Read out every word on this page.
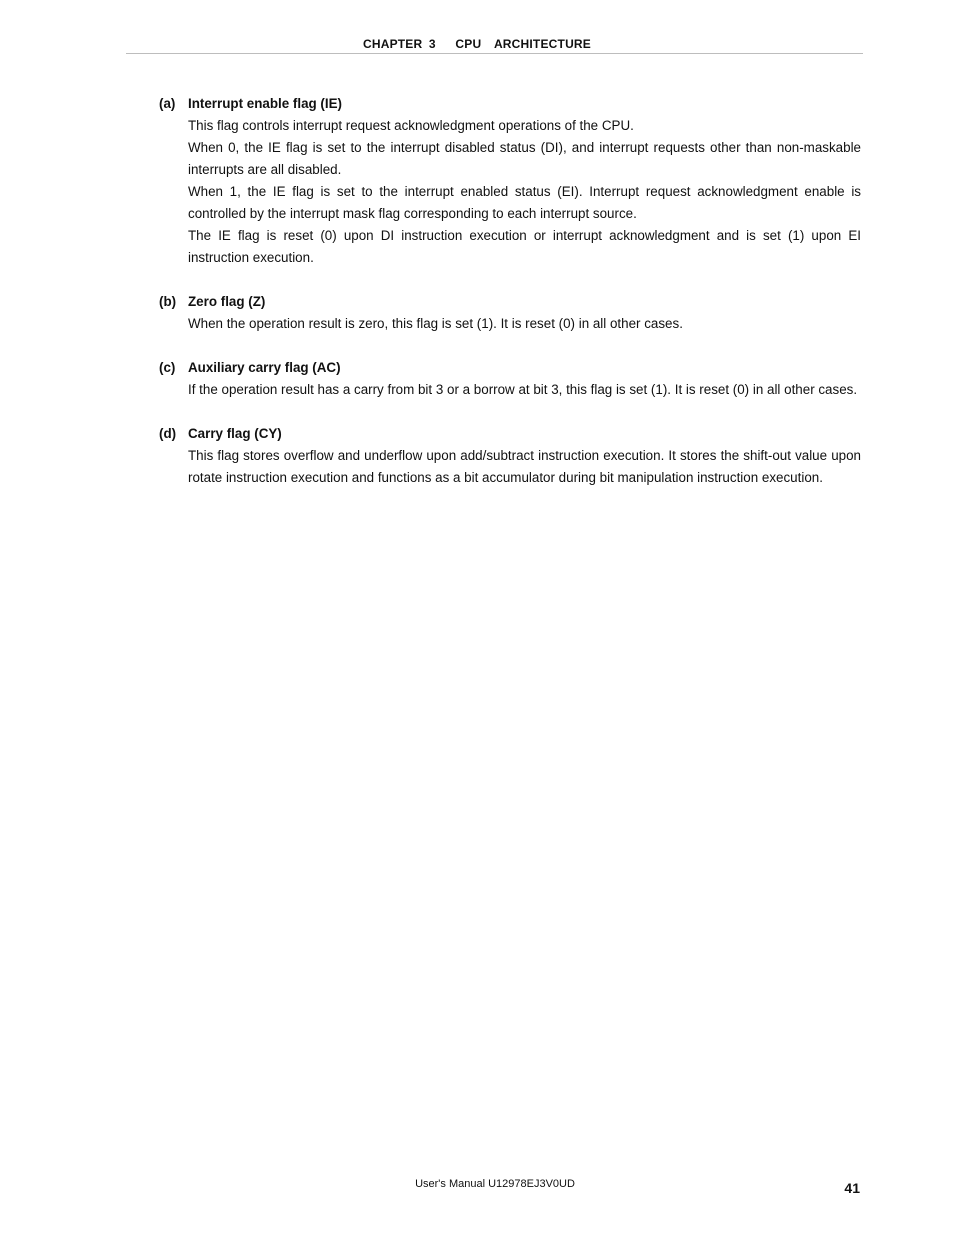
CHAPTER 3   CPU  ARCHITECTURE
(a) Interrupt enable flag (IE)
This flag controls interrupt request acknowledgment operations of the CPU.
When 0, the IE flag is set to the interrupt disabled status (DI), and interrupt requests other than non-maskable interrupts are all disabled.
When 1, the IE flag is set to the interrupt enabled status (EI). Interrupt request acknowledgment enable is controlled by the interrupt mask flag corresponding to each interrupt source.
The IE flag is reset (0) upon DI instruction execution or interrupt acknowledgment and is set (1) upon EI instruction execution.
(b) Zero flag (Z)
When the operation result is zero, this flag is set (1). It is reset (0) in all other cases.
(c) Auxiliary carry flag (AC)
If the operation result has a carry from bit 3 or a borrow at bit 3, this flag is set (1). It is reset (0) in all other cases.
(d) Carry flag (CY)
This flag stores overflow and underflow upon add/subtract instruction execution. It stores the shift-out value upon rotate instruction execution and functions as a bit accumulator during bit manipulation instruction execution.
User's Manual U12978EJ3V0UD	41
